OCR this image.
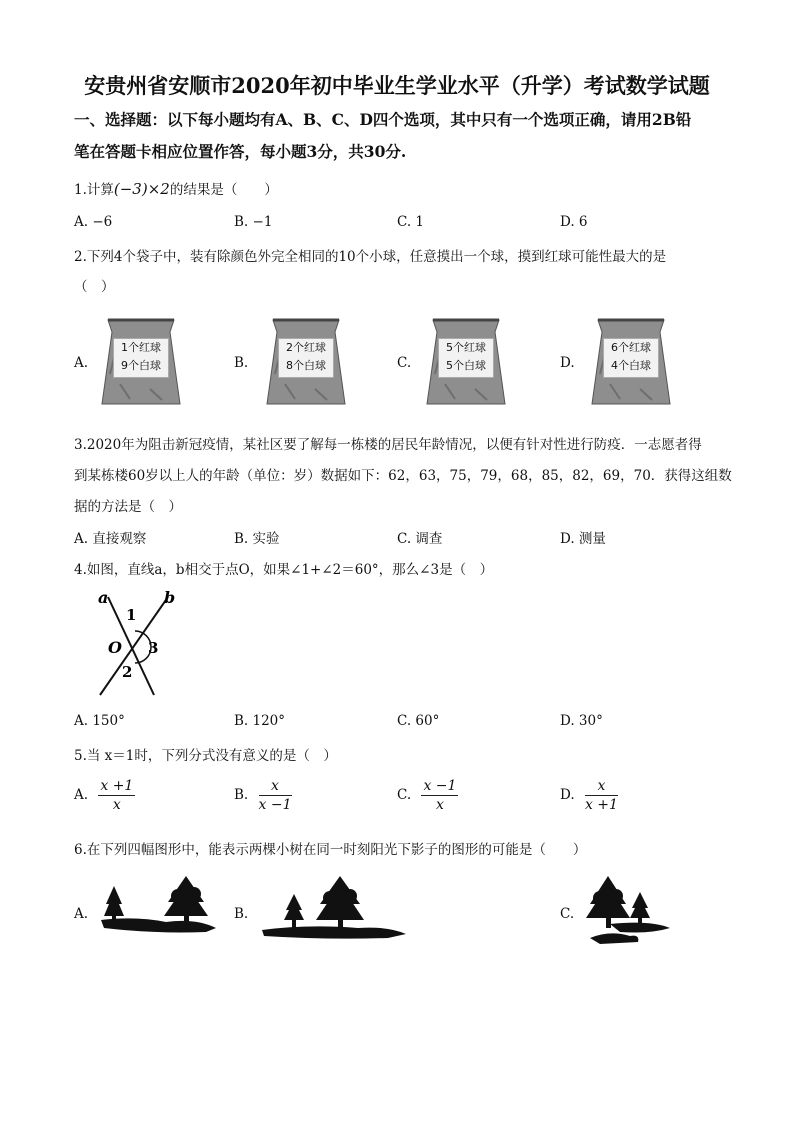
安贵州省安顺市2020年初中毕业生学业水平（升学）考试数学试题
一、选择题：以下每小题均有A、B、C、D四个选项，其中只有一个选项正确，请用2B铅
笔在答题卡相应位置作答，每小题3分，共30分.
1.计算(−3)×2的结果是（　　）
A. −6	B. −1	C. 1	D. 6
2.下列4个袋子中，装有除颜色外完全相同的10个小球，任意摸出一个球，摸到红球可能性最大的是
（　）
A.
1个红球
9个白球	B.
2个红球
8个白球	C.
5个红球
5个白球	D.
6个红球
4个白球
3.2020年为阻击新冠疫情，某社区要了解每一栋楼的居民年龄情况，以便有针对性进行防疫．一志愿者得
到某栋楼60岁以上人的年龄（单位：岁）数据如下：62，63，75，79，68，85，82，69，70．获得这组数
据的方法是（　）
A. 直接观察	B. 实验	C. 调查	D. 测量
4.如图，直线a，b相交于点O，如果∠1+∠2＝60°，那么∠3是（　）
a	b
1
O 3
2
A. 150°	B. 120°	C. 60°	D. 30°
5.当 x＝1时，下列分式没有意义的是（　）
A. $\frac{x +1}{x}$	B. $\frac{x}{x -1}$	C. $\frac{x -1}{x}$	D. $\frac{x}{x +1}$
6.在下列四幅图形中，能表示两棵小树在同一时刻阳光下影子的图形的可能是（　　）
A.	B.	C.
